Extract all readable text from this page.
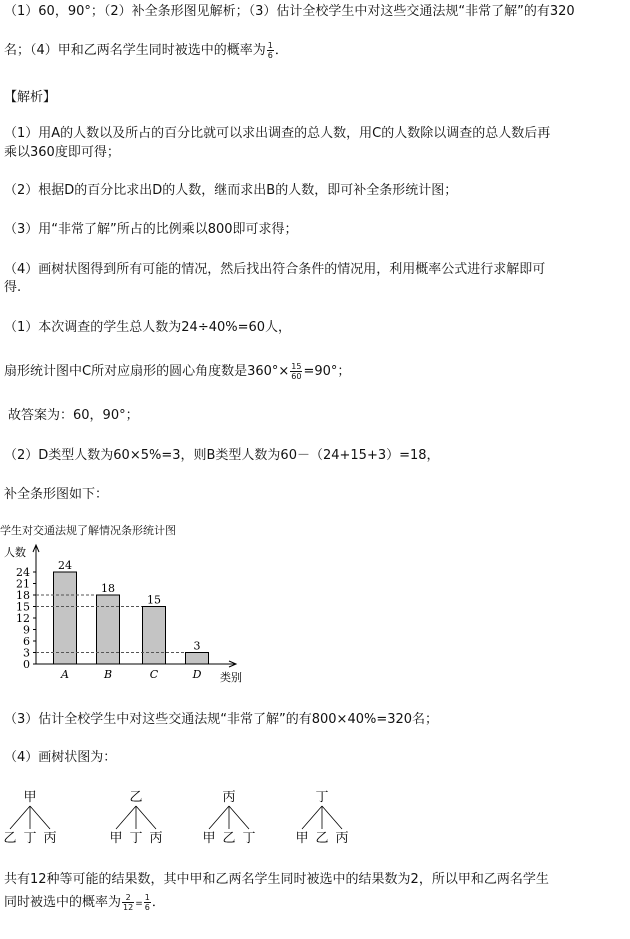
（1）60，90°；（2）补全条形图见解析；（3）估计全校学生中对这些交通法规“非常了解”的有320
名；（4）甲和乙两名学生同时被选中的概率为 $\frac{1}{6}$ ．
【解析】
（1）用A的人数以及所占的百分比就可以求出调查的总人数，用C的人数除以调查的总人数后再
乘以360度即可得；
（2）根据D的百分比求出D的人数，继而求出B的人数，即可补全条形统计图；
（3）用“非常了解”所占的比例乘以800即可求得；
（4）画树状图得到所有可能的情况，然后找出符合条件的情况用，利用概率公式进行求解即可
得.
（1）本次调查的学生总人数为24÷40%=60人，
扇形统计图中C所对应扇形的圆心角度数是$360^\circ\times \frac{15}{60} =90^\circ$；
故答案为：60，90°；
（2）D类型人数为60×5%=3，则B类型人数为60－（24+15+3）=18，
补全条形图如下：
学生对交通法规了解情况条形统计图
人数
类别
0
3
6
9
12
15
18
21
24
24
A
18
B
15
C
3
D
（3）估计全校学生中对这些交通法规“非常了解”的有800×40%=320名；
（4）画树状图为：
甲
乙 丁 丙
乙
甲 丁 丙
丙
甲 乙 丁
丁
甲 乙 丙
共有12种等可能的结果数，其中甲和乙两名学生同时被选中的结果数为2，所以甲和乙两名学生
同时被选中的概率为 $\frac{2}{12} = \frac{1}{6}$ ．
